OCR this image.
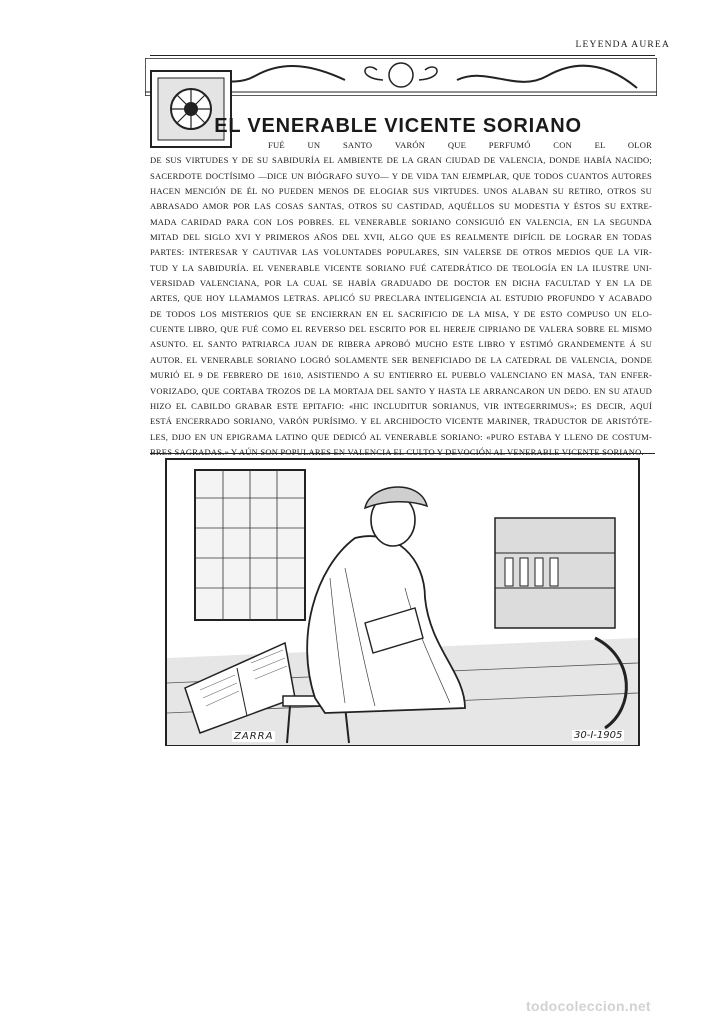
LEYENDA AUREA
EL VENERABLE VICENTE SORIANO
FUÉ UN SANTO VARÓN QUE PERFUMÓ CON EL OLOR
DE SUS VIRTUDES Y DE SU SABIDURÍA EL AMBIENTE DE LA GRAN CIUDAD DE VALENCIA, DONDE HABÍA NACIDO;
SACERDOTE DOCTÍSIMO —DICE UN BIÓGRAFO SUYO— Y DE VIDA TAN EJEMPLAR, QUE TODOS CUANTOS AUTORES
HACEN MENCIÓN DE ÉL NO PUEDEN MENOS DE ELOGIAR SUS VIRTUDES. UNOS ALABAN SU RETIRO, OTROS SU
ABRASADO AMOR POR LAS COSAS SANTAS, OTROS SU CASTIDAD, AQUÉLLOS SU MODESTIA Y ÉSTOS SU EXTRE-
MADA CARIDAD PARA CON LOS POBRES. EL VENERABLE SORIANO CONSIGUIÓ EN VALENCIA, EN LA SEGUNDA
MITAD DEL SIGLO XVI Y PRIMEROS AÑOS DEL XVII, ALGO QUE ES REALMENTE DIFÍCIL DE LOGRAR EN TODAS
PARTES: INTERESAR Y CAUTIVAR LAS VOLUNTADES POPULARES, SIN VALERSE DE OTROS MEDIOS QUE LA VIR-
TUD Y LA SABIDURÍA. EL VENERABLE VICENTE SORIANO FUÉ CATEDRÁTICO DE TEOLOGÍA EN LA ILUSTRE UNI-
VERSIDAD VALENCIANA, POR LA CUAL SE HABÍA GRADUADO DE DOCTOR EN DICHA FACULTAD Y EN LA DE
ARTES, QUE HOY LLAMAMOS LETRAS. APLICÓ SU PRECLARA INTELIGENCIA AL ESTUDIO PROFUNDO Y ACABADO
DE TODOS LOS MISTERIOS QUE SE ENCIERRAN EN EL SACRIFICIO DE LA MISA, Y DE ESTO COMPUSO UN ELO-
CUENTE LIBRO, QUE FUÉ COMO EL REVERSO DEL ESCRITO POR EL HEREJE CIPRIANO DE VALERA SOBRE EL MISMO
ASUNTO. EL SANTO PATRIARCA JUAN DE RIBERA APROBÓ MUCHO ESTE LIBRO Y ESTIMÓ GRANDEMENTE Á SU
AUTOR. EL VENERABLE SORIANO LOGRÓ SOLAMENTE SER BENEFICIADO DE LA CATEDRAL DE VALENCIA, DONDE
MURIÓ EL 9 DE FEBRERO DE 1610, ASISTIENDO A SU ENTIERRO EL PUEBLO VALENCIANO EN MASA, TAN ENFER-
VORIZADO, QUE CORTABA TROZOS DE LA MORTAJA DEL SANTO Y HASTA LE ARRANCARON UN DEDO. EN SU ATAUD
HIZO EL CABILDO GRABAR ESTE EPITAFIO: «HIC INCLUDITUR SORIANUS, VIR INTEGERRIMUS»; ES DECIR, AQUÍ
ESTÁ ENCERRADO SORIANO, VARÓN PURÍSIMO. Y EL ARCHIDOCTO VICENTE MARINER, TRADUCTOR DE ARISTÓTE-
LES, DIJO EN UN EPIGRAMA LATINO QUE DEDICÓ AL VENERABLE SORIANO: «PURO ESTABA Y LLENO DE COSTUM-
BRES SAGRADAS.» Y AÚN SON POPULARES EN VALENCIA EL CULTO Y DEVOCIÓN AL VENERABLE VICENTE SORIANO.
ZARRA	30-I-1905
todocoleccion.net
